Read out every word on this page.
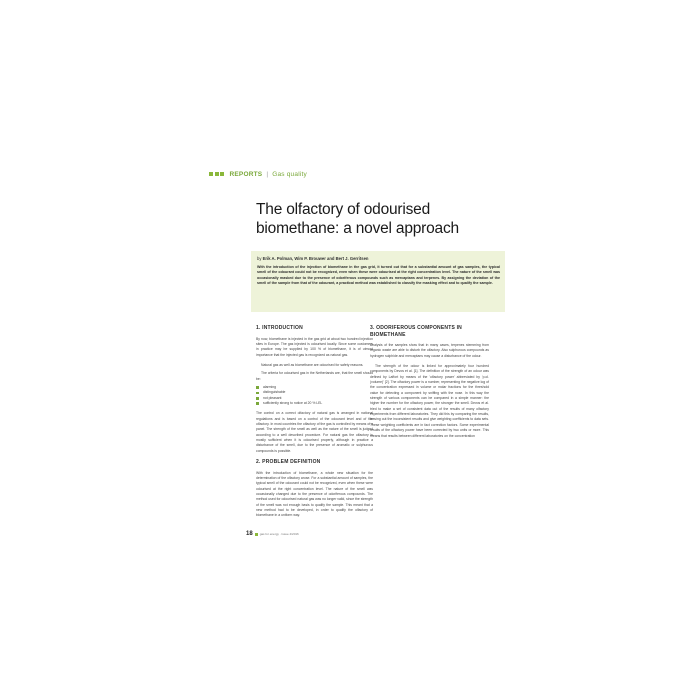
REPORTS | Gas quality
The olfactory of odourised biomethane: a novel approach
by Erik A. Polman, Wim P. Brouwer and Bert J. Gerritsen

With the introduction of the injection of biomethane in the gas grid, it turned out that for a substantial amount of gas samples, the typical smell of the odourant could not be recognized, even when these were odourised at the right concentration level. The nature of the smell was occasionally masked due to the presence of odoriferous compounds such as mercaptans and terpenes. By assigning the deviation of the smell of the sample from that of the odourant, a practical method was established to classify the masking effect and to qualify the sample.

1. INTRODUCTION

By now, biomethane is injected in the gas grid at about two hundred injection sites in Europe. The gas injected is odourised locally. Since some customers in practice may be supplied by 100 % of biomethane, it is of utmost importance that the injected gas is recognized as natural gas.

Natural gas as well as biomethane are odourised for safety reasons.

The criteria for odourised gas in the Netherlands are, that the smell should be:

alarming
distinguishable
not pleasant
sufficiently strong to notice at 20 % LEL

The control on a correct olfactory of natural gas is arranged in national regulations and is based on a control of the odourant level and of the olfactory. In most countries the olfactory of the gas is controlled by means of a panel. The strength of the smell as well as the nature of the smell is judged according to a well described procedure. For natural gas the olfactory is mostly sufficient when it is odourised properly, although in practice a disturbance of the smell, due to the presence of aromatic or sulphurous compounds is possible.

2. PROBLEM DEFINITION

With the introduction of biomethane, a whole new situation for the determination of the olfactory arose. For a substantial amount of samples, the typical smell of the odourant could not be recognized, even when these were odourised at the right concentration level. The nature of the smell was occasionally changed due to the presence of odoriferous compounds. The method used for odourised natural gas was no longer valid, since the strength of the smell was not enough basis to qualify the sample. This meant that a new method had to be developed, in order to qualify the olfactory of biomethane in a uniform way.

3. ODORIFEROUS COMPONENTS IN BIOMETHANE

Analysis of the samples show that in many cases, terpenes stemming from organic waste are able to disturb the olfactory. Also sulphurous compounds as hydrogen sulphide and mercaptans may cause a disturbance of the odour.

The strength of the odour is linked for approximately four hundred components by Devos et al. [1]. The definition of the strength of an odour was defined by Laffort by means of the 'olfactory power' abbreviated by 'p.ol. (volume)' [2]. The olfactory power is a number, representing the negative log of the concentration expressed in volume or molar fractions for the threshold value for detecting a component by sniffing with the nose. In this way the strength of various components can be compared in a simple manner: the higher the number for the olfactory power, the stronger the smell. Devos et al. tried to make a set of consistent data out of the results of many olfactory experiments from different laboratories. They did this by comparing the results, leaving out the inconsistent results and give weighting coefficients to data sets. These weighting coefficients are in fact correction factors. Some experimental results of the olfactory power have been corrected by two units or more. This means that results between different laboratories on the concentration

18 gas for energy · Issue 4/2016
